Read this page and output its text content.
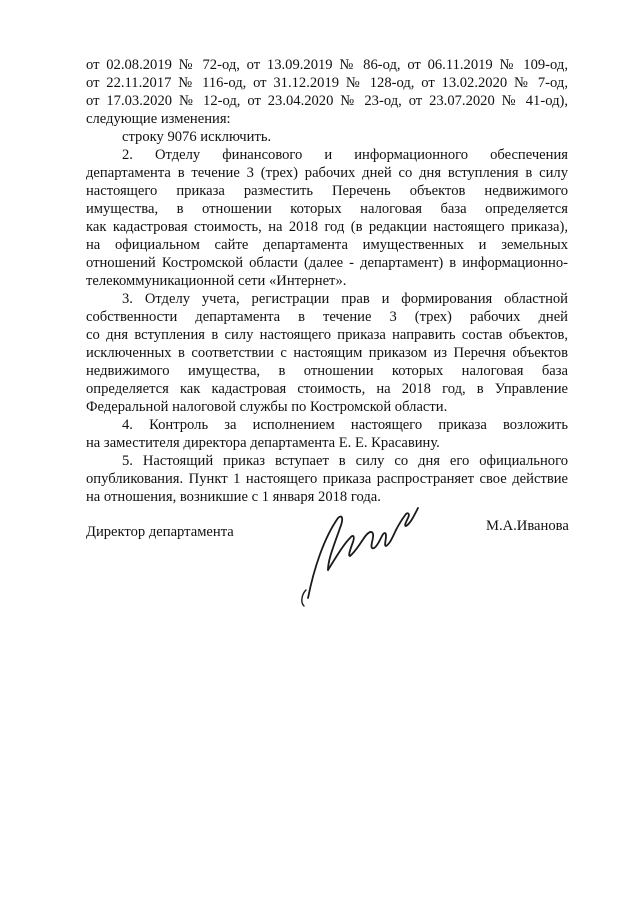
от 02.08.2019 № 72-од, от 13.09.2019 № 86-од, от 06.11.2019 № 109-од,
от 22.11.2017 № 116-од, от 31.12.2019 № 128-од, от 13.02.2020 № 7-од,
от 17.03.2020 № 12-од, от 23.04.2020 № 23-од, от 23.07.2020 № 41-од),
следующие изменения:
строку 9076 исключить.
2. Отделу финансового и информационного обеспечения
департамента в течение 3 (трех) рабочих дней со дня вступления в силу
настоящего приказа разместить Перечень объектов недвижимого
имущества, в отношении которых налоговая база определяется
как кадастровая стоимость, на 2018 год (в редакции настоящего приказа),
на официальном сайте департамента имущественных и земельных
отношений Костромской области (далее - департамент) в информационно-
телекоммуникационной сети «Интернет».
3. Отделу учета, регистрации прав и формирования областной
собственности департамента в течение 3 (трех) рабочих дней
со дня вступления в силу настоящего приказа направить состав объектов,
исключенных в соответствии с настоящим приказом из Перечня объектов
недвижимого имущества, в отношении которых налоговая база
определяется как кадастровая стоимость, на 2018 год, в Управление
Федеральной налоговой службы по Костромской области.
4. Контроль за исполнением настоящего приказа возложить
на заместителя директора департамента Е. Е. Красавину.
5. Настоящий приказ вступает в силу со дня его официального
опубликования. Пункт 1 настоящего приказа распространяет свое действие
на отношения, возникшие с 1 января 2018 года.
Директор департамента	М.А.Иванова
